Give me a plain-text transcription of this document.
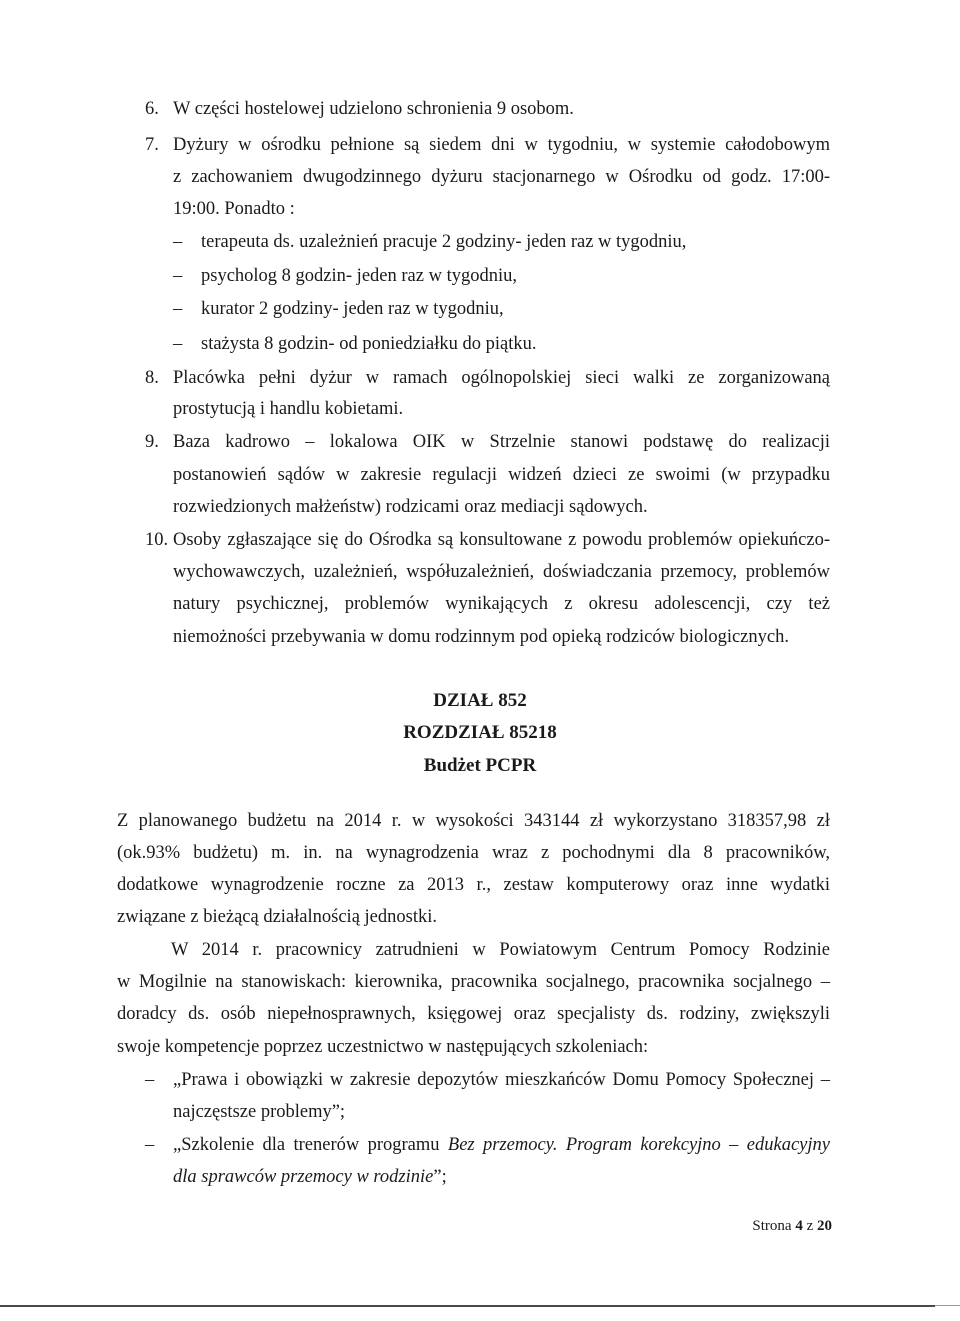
6. W części hostelowej udzielono schronienia 9 osobom.
7. Dyżury w ośrodku pełnione są siedem dni w tygodniu, w systemie całodobowym
z zachowaniem dwugodzinnego dyżuru stacjonarnego w Ośrodku od godz. 17:00-
19:00. Ponadto :
– terapeuta ds. uzależnień pracuje 2 godziny- jeden raz w tygodniu,
– psycholog 8 godzin- jeden raz w tygodniu,
– kurator 2 godziny- jeden raz w tygodniu,
– stażysta 8 godzin- od poniedziałku do piątku.
8. Placówka pełni dyżur w ramach ogólnopolskiej sieci walki ze zorganizowaną
prostytucją i handlu kobietami.
9. Baza kadrowo – lokalowa OIK w Strzelnie stanowi podstawę do realizacji
postanowień sądów w zakresie regulacji widzeń dzieci ze swoimi (w przypadku
rozwiedzionych małżeństw) rodzicami oraz mediacji sądowych.
10. Osoby zgłaszające się do Ośrodka są konsultowane z powodu problemów opiekuńczo-
wychowawczych, uzależnień, współuzależnień, doświadczania przemocy, problemów
natury psychicznej, problemów wynikających z okresu adolescencji, czy też
niemożności przebywania w domu rodzinnym pod opieką rodziców biologicznych.
DZIAŁ 852
ROZDZIAŁ 85218
Budżet PCPR
Z planowanego budżetu na 2014 r. w wysokości 343144 zł wykorzystano 318357,98 zł
(ok.93% budżetu) m. in. na wynagrodzenia wraz z pochodnymi dla 8 pracowników,
dodatkowe wynagrodzenie roczne za 2013 r., zestaw komputerowy oraz inne wydatki
związane z bieżącą działalnością jednostki.
W 2014 r. pracownicy zatrudnieni w Powiatowym Centrum Pomocy Rodzinie
w Mogilnie na stanowiskach: kierownika, pracownika socjalnego, pracownika socjalnego –
doradcy ds. osób niepełnosprawnych, księgowej oraz specjalisty ds. rodziny, zwiększyli
swoje kompetencje poprzez uczestnictwo w następujących szkoleniach:
– „Prawa i obowiązki w zakresie depozytów mieszkańców Domu Pomocy Społecznej –
najczęstsze problemy”;
– „Szkolenie dla trenerów programu Bez przemocy. Program korekcyjno – edukacyjny
dla sprawców przemocy w rodzinie”;
Strona 4 z 20
